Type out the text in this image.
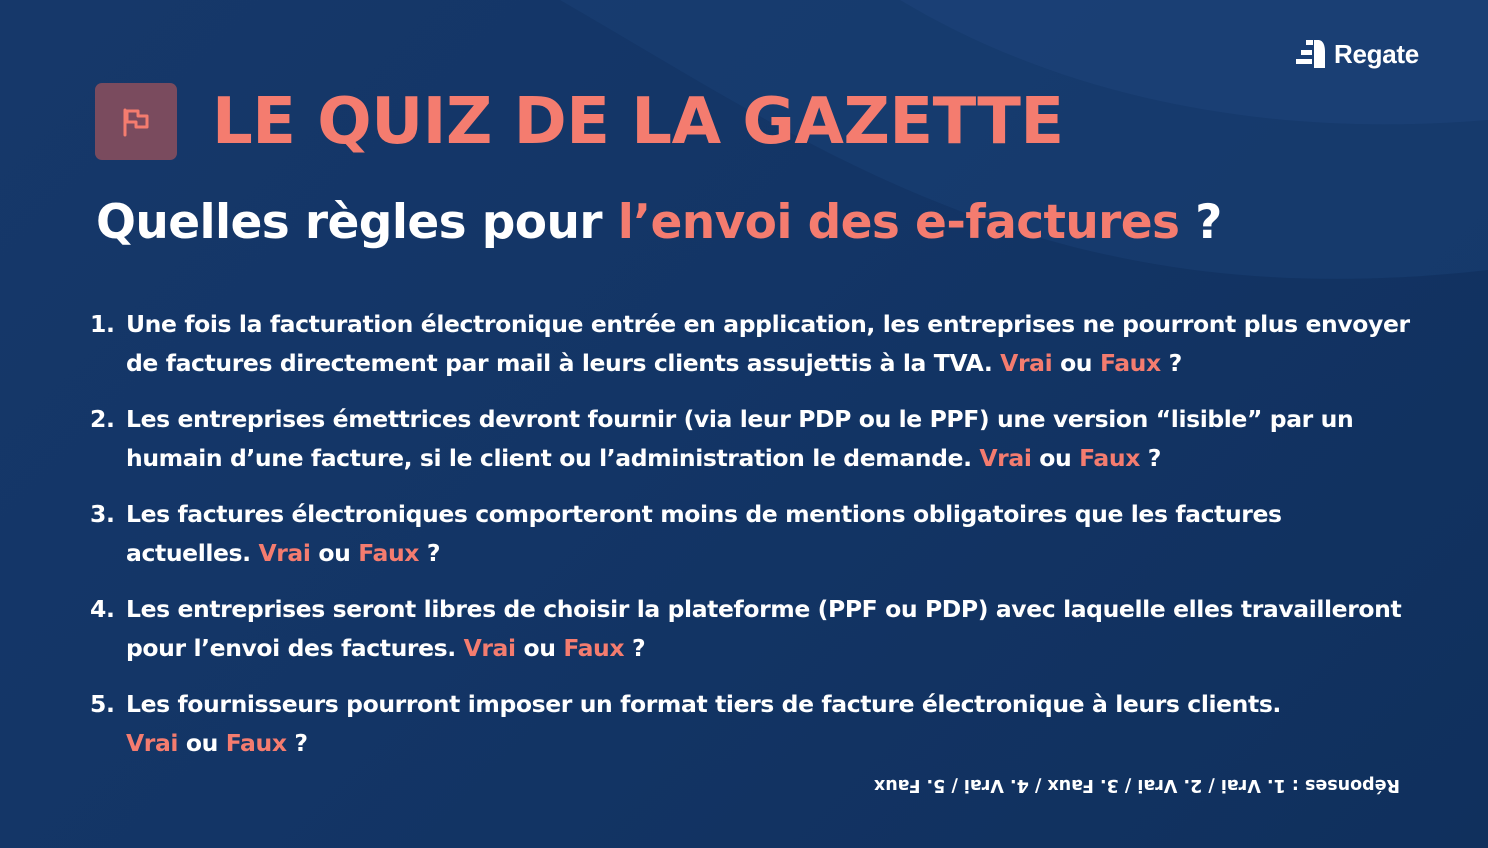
Regate
LE QUIZ DE LA GAZETTE
Quelles règles pour l’envoi des e-factures ?
1. Une fois la facturation électronique entrée en application, les entreprises ne pourront plus envoyer de factures directement par mail à leurs clients assujettis à la TVA. Vrai ou Faux ?
2. Les entreprises émettrices devront fournir (via leur PDP ou le PPF) une version “lisible” par un humain d’une facture, si le client ou l’administration le demande. Vrai ou Faux ?
3. Les factures électroniques comporteront moins de mentions obligatoires que les factures actuelles. Vrai ou Faux ?
4. Les entreprises seront libres de choisir la plateforme (PPF ou PDP) avec laquelle elles travailleront pour l’envoi des factures. Vrai ou Faux ?
5. Les fournisseurs pourront imposer un format tiers de facture électronique à leurs clients.
Vrai ou Faux ?
Réponses : 1. Vrai / 2. Vrai / 3. Faux / 4. Vrai / 5. Faux
